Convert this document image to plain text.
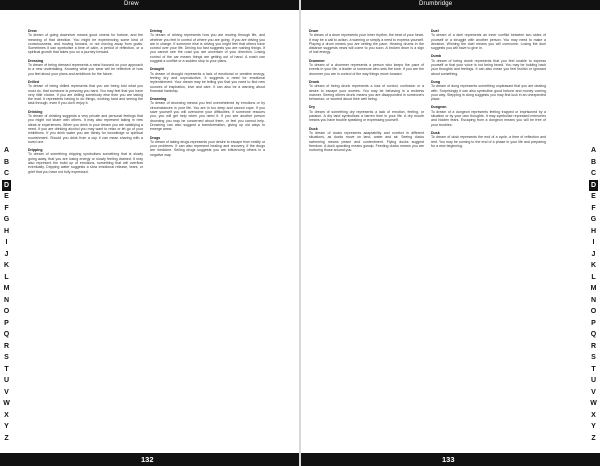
Drew
Drew
To dream of going downriver means good omens for fortune, and the meaning of that direction. You might be experiencing some kind of consciousness, and moving forward, or not moving away from goals. Sometimes it can symbolise a time of calm, a period of reflection, or a spiritual growth that takes you on a journey forward.
Dressing
To dream of being dressed represents a mind focused on your approach to a new undertaking. Knowing what you wear will be reflective of how you feel about your plans and ambitions for the future.
Drilled
To dream of being drilled represents that you are being told what you must do, that someone is pressing you hard. You may feel that you have very little choice. If you are drilling somebody else then you are taking the lead. It represents having to do things, working hard and seeing the task through, even if you don't enjoy it.
Drinking
To dream of drinking suggests a very private and personal feelings that you might not share with others. It may also represent taking in new ideas or experiences. When you drink in your dream you are satisfying a need. If you are drinking alcohol you may want to relax or let go of your inhibitions. If you drink water you are thirsty for knowledge or spiritual nourishment. Should you drink from a cup it can mean sharing with a loved one.
Dripping
To dream of something dripping symbolises something that is slowly going away, that you are losing energy or slowly feeling drained. It may also represent the build up of emotions, something that will overflow eventually. Dripping water suggests a slow emotional release, tears, or grief that you have not fully expressed.
Driving
To dream of driving represents how you are moving through life, and whether you feel in control of where you are going. If you are driving you are in charge. If someone else is driving you might feel that others have control over your life. Driving too fast suggests you are rushing things. If you cannot see the road you are uncertain of your direction. Losing control of the car means things are getting out of hand. A crash can suggest a conflict or a sudden stop to your plans.
Drought
To dream of drought represents a lack of emotional or creative energy, feeling dry and unproductive. It suggests a need for emotional replenishment. Your dream may be telling you that you need to find new sources of inspiration, love and care. It can also be a warning about financial hardship.
Drowning
To dream of drowning means you feel overwhelmed by emotions or by circumstances in your life. You are in too deep and cannot cope. If you save yourself you will overcome your difficulties. If someone rescues you, you will get help when you need it. If you see another person drowning you may be concerned about them, or feel you cannot help. Drowning can also suggest a transformation, giving up old ways to emerge anew.
Drugs
To dream of taking drugs represents your desire to escape from reality or your problems. It can also represent healing and recovery, if the drugs are medicine. Selling drugs suggests you are influencing others in a negative way.
A
B
C
D
E
F
G
H
I
J
K
L
M
N
O
P
Q
R
S
T
U
V
W
X
Y
Z
132
Drumbridge
Drum
To dream of a drum represents your inner rhythm, the beat of your heart. It may be a call to action, a warning or simply a need to express yourself. Playing a drum means you are setting the pace. Hearing drums in the distance suggests news will come to you soon. A broken drum is a sign of lost energy.
Drummer
To dream of a drummer represents a person who keeps the pace of events in your life, a leader or someone who sets the tone. If you are the drummer you are in control of the way things move forward.
Drunk
To dream of being drunk represents a loss of control, confusion or a desire to escape your worries. You may be behaving in a reckless manner. Seeing others drunk means you are disappointed in someone's behaviour, or worried about their well being.
Dry
To dream of something dry represents a lack of emotion, feeling, or passion. A dry land symbolises a barren time in your life. A dry mouth means you have trouble speaking or expressing yourself.
Duck
To dream of ducks represents adaptability and comfort in different situations, as ducks move on land, water and air. Seeing ducks swimming means peace and contentment. Flying ducks suggest freedom. A duck quacking means gossip. Feeding ducks means you are nurturing those around you.
Duel
To dream of a duel represents an inner conflict between two sides of yourself or a struggle with another person. You may need to make a decision. Winning the duel means you will overcome. Losing the duel suggests you will have to give in.
Dumb
To dream of being dumb represents that you feel unable to express yourself or that your voice is not being heard. You may be holding back your thoughts and feelings. It can also mean you feel foolish or ignorant about something.
Dung
To dream of dung represents something unpleasant that you are dealing with. Surprisingly it can also symbolise good fortune and money coming your way. Stepping in dung suggests you may find luck in an unexpected place.
Dungeon
To dream of a dungeon represents feeling trapped or imprisoned by a situation or by your own thoughts. It may symbolise repressed memories and hidden fears. Escaping from a dungeon means you will be free of your troubles.
Dusk
To dream of dusk represents the end of a cycle, a time of reflection and rest. You may be coming to the end of a phase in your life and preparing for a new beginning.
A
B
C
D
E
F
G
H
I
J
K
L
M
N
O
P
Q
R
S
T
U
V
W
X
Y
Z
133
